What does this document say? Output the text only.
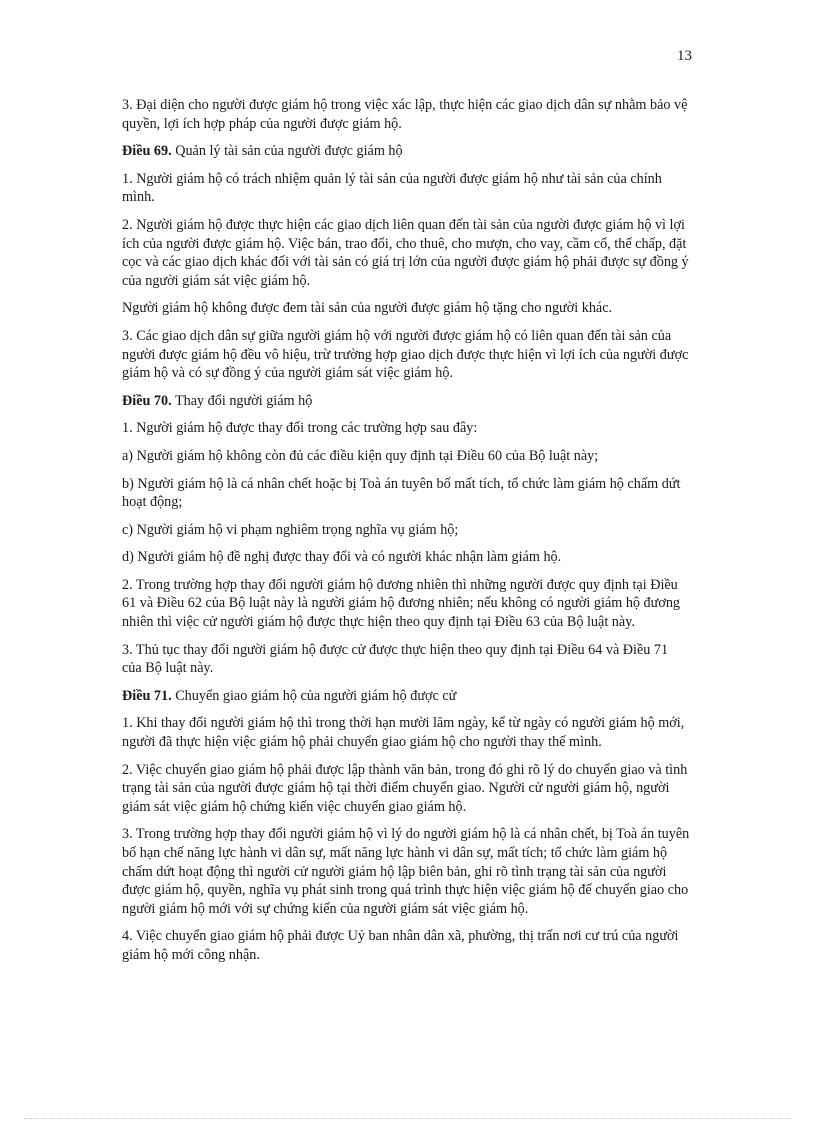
13

3. Đại diện cho người được giám hộ trong việc xác lập, thực hiện các giao dịch dân sự nhằm bảo vệ quyền, lợi ích hợp pháp của người được giám hộ.

Điều 69. Quản lý tài sản của người được giám hộ

1. Người giám hộ có trách nhiệm quản lý tài sản của người được giám hộ như tài sản của chính mình.

2. Người giám hộ được thực hiện các giao dịch liên quan đến tài sản của người được giám hộ vì lợi ích của người được giám hộ. Việc bán, trao đổi, cho thuê, cho mượn, cho vay, cầm cố, thế chấp, đặt cọc và các giao dịch khác đối với tài sản có giá trị lớn của người được giám hộ phải được sự đồng ý của người giám sát việc giám hộ.

Người giám hộ không được đem tài sản của người được giám hộ tặng cho người khác.

3. Các giao dịch dân sự giữa người giám hộ với người được giám hộ có liên quan đến tài sản của người được giám hộ đều vô hiệu, trừ trường hợp giao dịch được thực hiện vì lợi ích của người được giám hộ và có sự đồng ý của người giám sát việc giám hộ.

Điều 70. Thay đổi người giám hộ

1. Người giám hộ được thay đổi trong các trường hợp sau đây:

a) Người giám hộ không còn đủ các điều kiện quy định tại Điều 60 của Bộ luật này;

b) Người giám hộ là cá nhân chết hoặc bị Toà án tuyên bố mất tích, tổ chức làm giám hộ chấm dứt hoạt động;

c) Người giám hộ vi phạm nghiêm trọng nghĩa vụ giám hộ;

d) Người giám hộ đề nghị được thay đổi và có người khác nhận làm giám hộ.

2. Trong trường hợp thay đổi người giám hộ đương nhiên thì những người được quy định tại Điều 61 và Điều 62 của Bộ luật này là người giám hộ đương nhiên; nếu không có người giám hộ đương nhiên thì việc cử người giám hộ được thực hiện theo quy định tại Điều 63 của Bộ luật này.

3. Thủ tục thay đổi người giám hộ được cử được thực hiện theo quy định tại Điều 64 và Điều 71 của Bộ luật này.

Điều 71. Chuyển giao giám hộ của người giám hộ được cử

1. Khi thay đổi người giám hộ thì trong thời hạn mười lăm ngày, kể từ ngày có người giám hộ mới, người đã thực hiện việc giám hộ phải chuyển giao giám hộ cho người thay thế mình.

2. Việc chuyển giao giám hộ phải được lập thành văn bản, trong đó ghi rõ lý do chuyển giao và tình trạng tài sản của người được giám hộ tại thời điểm chuyển giao. Người cử người giám hộ, người giám sát việc giám hộ chứng kiến việc chuyển giao giám hộ.

3. Trong trường hợp thay đổi người giám hộ vì lý do người giám hộ là cá nhân chết, bị Toà án tuyên bố hạn chế năng lực hành vi dân sự, mất năng lực hành vi dân sự, mất tích; tổ chức làm giám hộ chấm dứt hoạt động thì người cử người giám hộ lập biên bản, ghi rõ tình trạng tài sản của người được giám hộ, quyền, nghĩa vụ phát sinh trong quá trình thực hiện việc giám hộ để chuyển giao cho người giám hộ mới với sự chứng kiến của người giám sát việc giám hộ.

4. Việc chuyển giao giám hộ phải được Uỷ ban nhân dân xã, phường, thị trấn nơi cư trú của người giám hộ mới công nhận.
